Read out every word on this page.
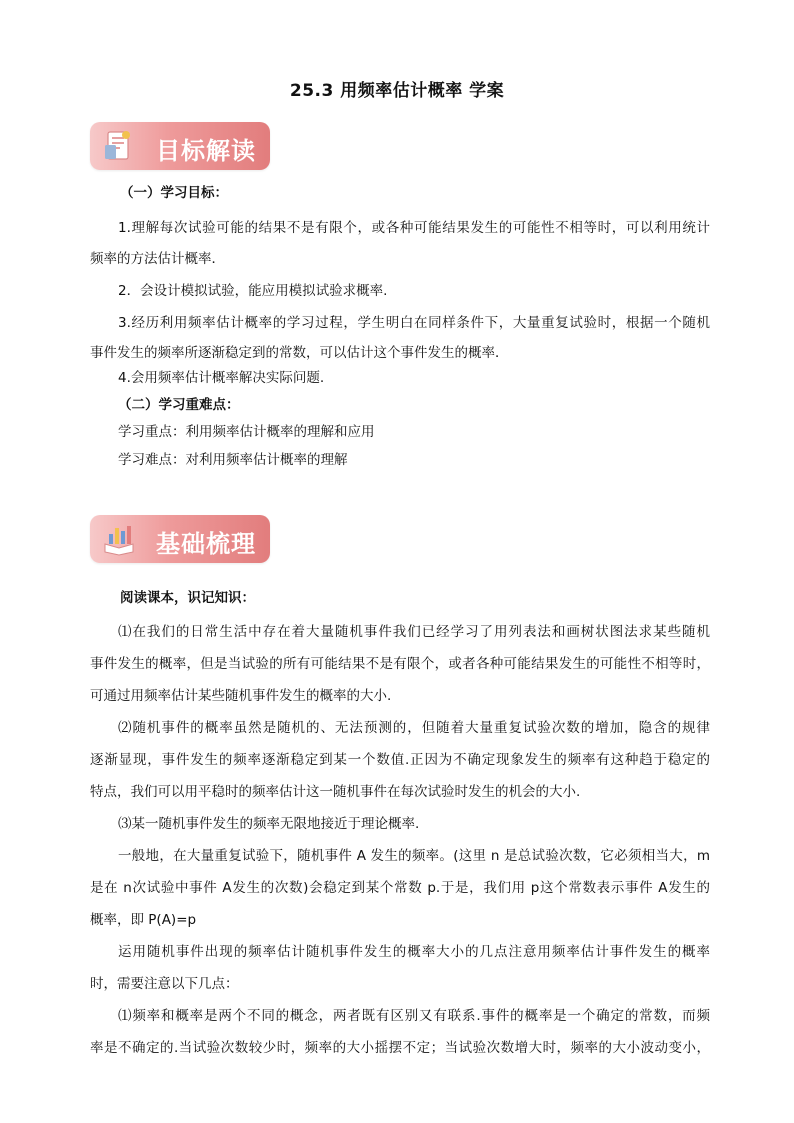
25.3 用频率估计概率 学案
目标解读
（一）学习目标：
1.理解每次试验可能的结果不是有限个，或各种可能结果发生的可能性不相等时，可以利用统计
频率的方法估计概率．
2．会设计模拟试验，能应用模拟试验求概率.
3.经历利用频率估计概率的学习过程，学生明白在同样条件下，大量重复试验时，根据一个随机
事件发生的频率所逐渐稳定到的常数，可以估计这个事件发生的概率．
4.会用频率估计概率解决实际问题.
（二）学习重难点：
学习重点：利用频率估计概率的理解和应用
学习难点：对利用频率估计概率的理解
基础梳理
阅读课本，识记知识：
⑴在我们的日常生活中存在着大量随机事件我们已经学习了用列表法和画树状图法求某些随机
事件发生的概率，但是当试验的所有可能结果不是有限个，或者各种可能结果发生的可能性不相等时，
可通过用频率估计某些随机事件发生的概率的大小.
⑵随机事件的概率虽然是随机的、无法预测的，但随着大量重复试验次数的增加，隐含的规律
逐渐显现，事件发生的频率逐渐稳定到某一个数值.正因为不确定现象发生的频率有这种趋于稳定的
特点，我们可以用平稳时的频率估计这一随机事件在每次试验时发生的机会的大小.
⑶某一随机事件发生的频率无限地接近于理论概率.
一般地，在大量重复试验下，随机事件 A 发生的频率。(这里 n 是总试验次数，它必须相当大，m
是在 n次试验中事件 A发生的次数)会稳定到某个常数 p.于是，我们用 p这个常数表示事件 A发生的
概率，即 P(A)=p
运用随机事件出现的频率估计随机事件发生的概率大小的几点注意用频率估计事件发生的概率
时，需要注意以下几点：
⑴频率和概率是两个不同的概念，两者既有区别又有联系.事件的概率是一个确定的常数，而频
率是不确定的.当试验次数较少时，频率的大小摇摆不定；当试验次数增大时，频率的大小波动变小，
